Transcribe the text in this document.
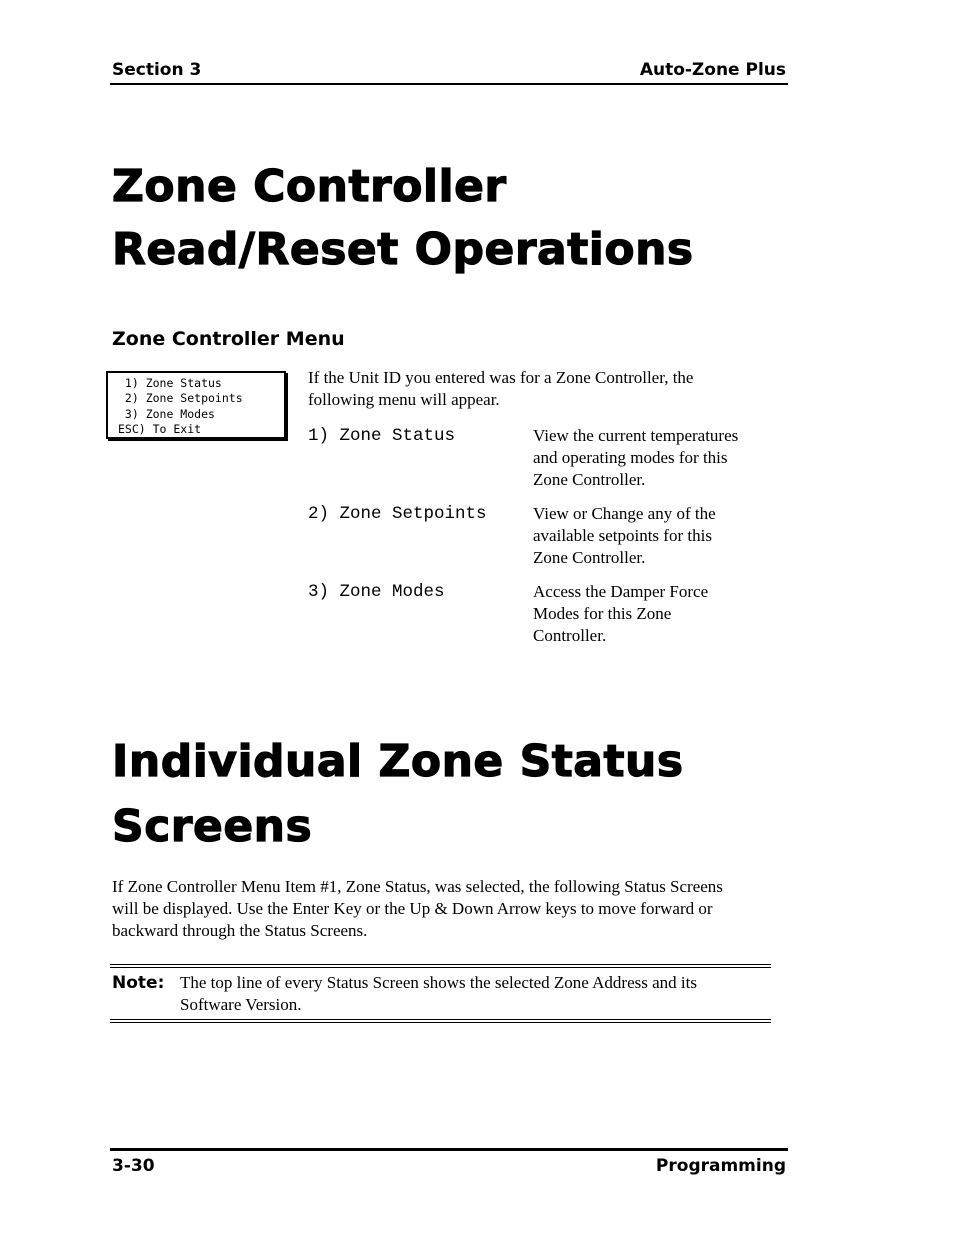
Section 3	Auto-Zone Plus
Zone Controller
Read/Reset Operations
Zone Controller Menu
1) Zone Status
2) Zone Setpoints
3) Zone Modes
ESC) To Exit
If the Unit ID you entered was for a Zone Controller, the
following menu will appear.
1) Zone Status	View the current temperatures
and operating modes for this
Zone Controller.
2) Zone Setpoints	View or Change any of the
available setpoints for this
Zone Controller.
3) Zone Modes	Access the Damper Force
Modes for this Zone
Controller.
Individual Zone Status
Screens
If Zone Controller Menu Item #1, Zone Status, was selected, the following Status Screens
will be displayed. Use the Enter Key or the Up & Down Arrow keys to move forward or
backward through the Status Screens.
Note: The top line of every Status Screen shows the selected Zone Address and its
Software Version.
3-30	Programming
